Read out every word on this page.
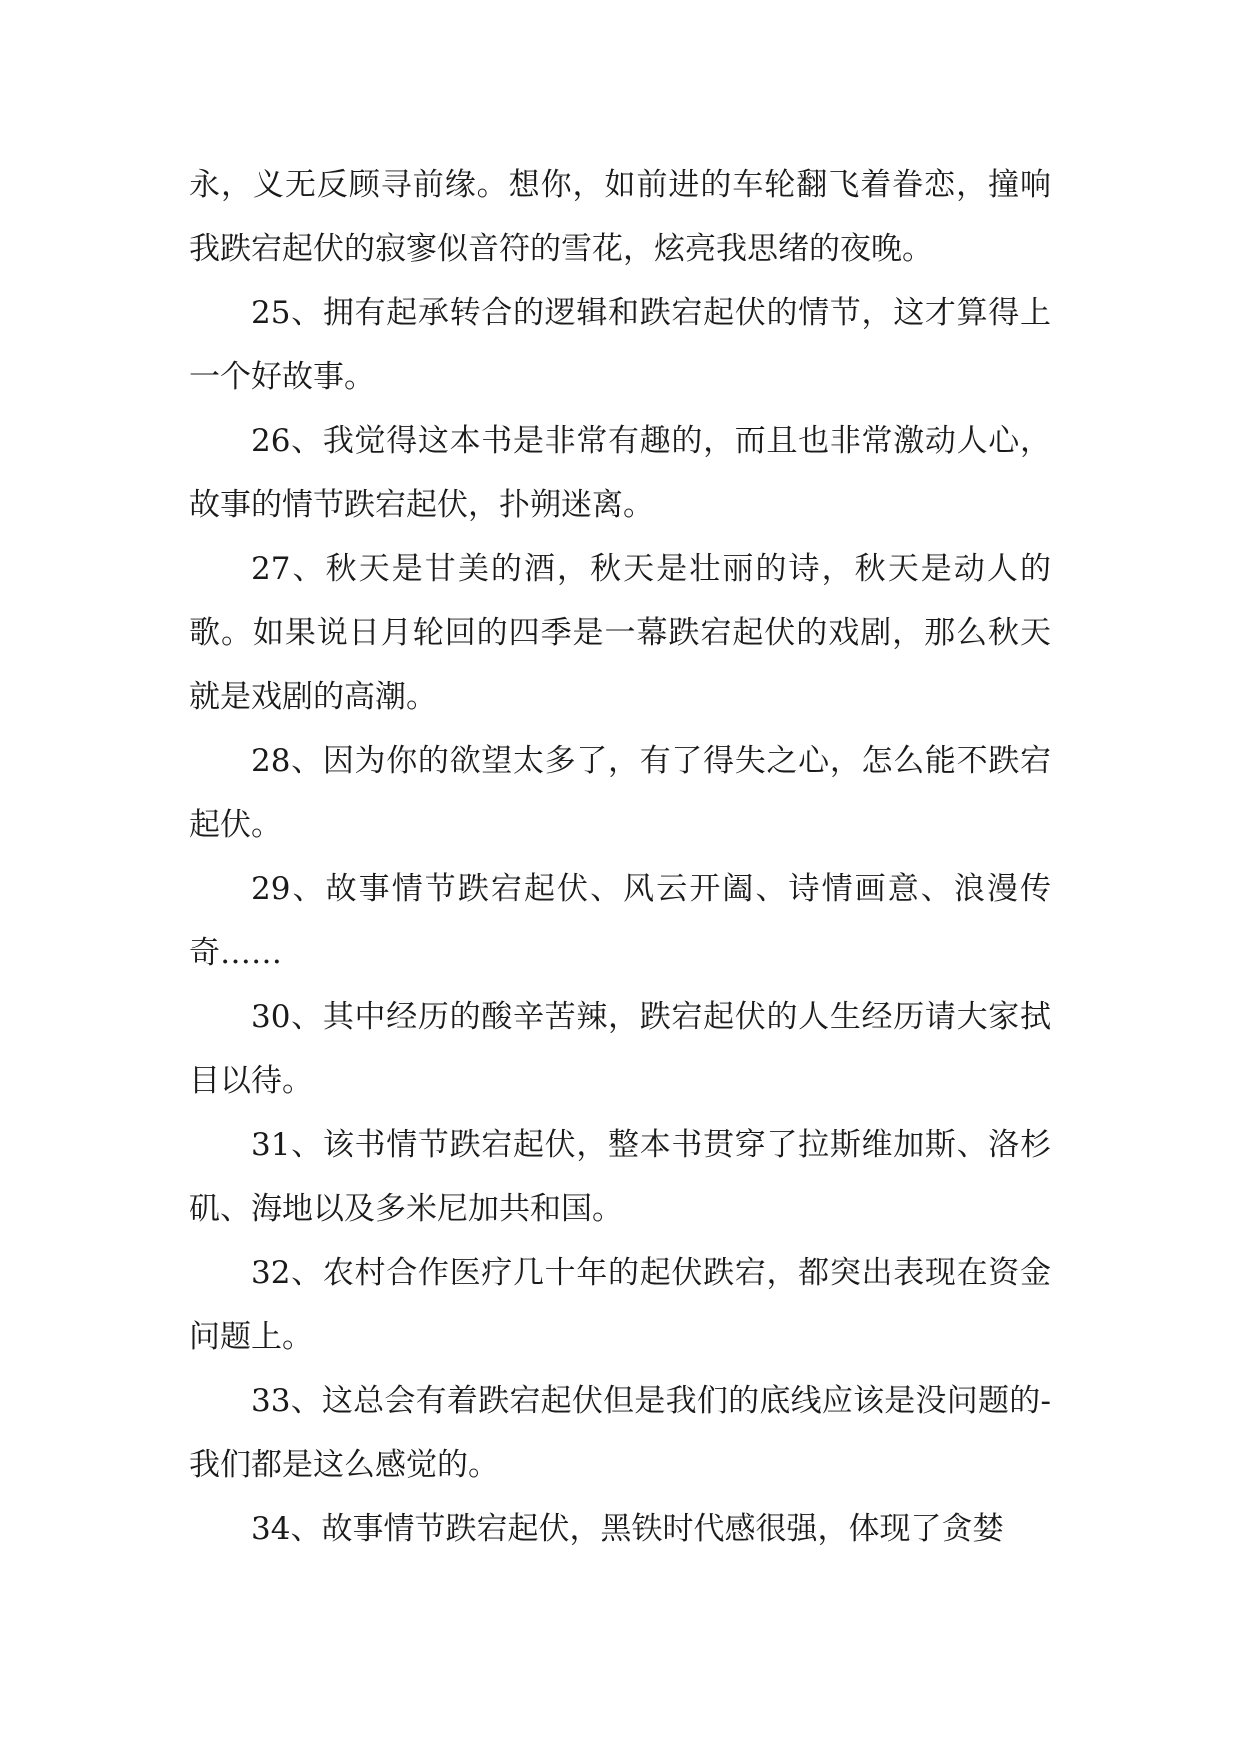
永，义无反顾寻前缘。想你，如前进的车轮翻飞着眷恋，撞响我跌宕起伏的寂寥似音符的雪花，炫亮我思绪的夜晚。

25、拥有起承转合的逻辑和跌宕起伏的情节，这才算得上一个好故事。

26、我觉得这本书是非常有趣的，而且也非常激动人心，故事的情节跌宕起伏，扑朔迷离。

27、秋天是甘美的酒，秋天是壮丽的诗，秋天是动人的歌。如果说日月轮回的四季是一幕跌宕起伏的戏剧，那么秋天就是戏剧的高潮。

28、因为你的欲望太多了，有了得失之心，怎么能不跌宕起伏。

29、故事情节跌宕起伏、风云开阖、诗情画意、浪漫传奇……

30、其中经历的酸辛苦辣，跌宕起伏的人生经历请大家拭目以待。

31、该书情节跌宕起伏，整本书贯穿了拉斯维加斯、洛杉矶、海地以及多米尼加共和国。

32、农村合作医疗几十年的起伏跌宕，都突出表现在资金问题上。

33、这总会有着跌宕起伏但是我们的底线应该是没问题的-我们都是这么感觉的。

34、故事情节跌宕起伏，黑铁时代感很强，体现了贪婪
